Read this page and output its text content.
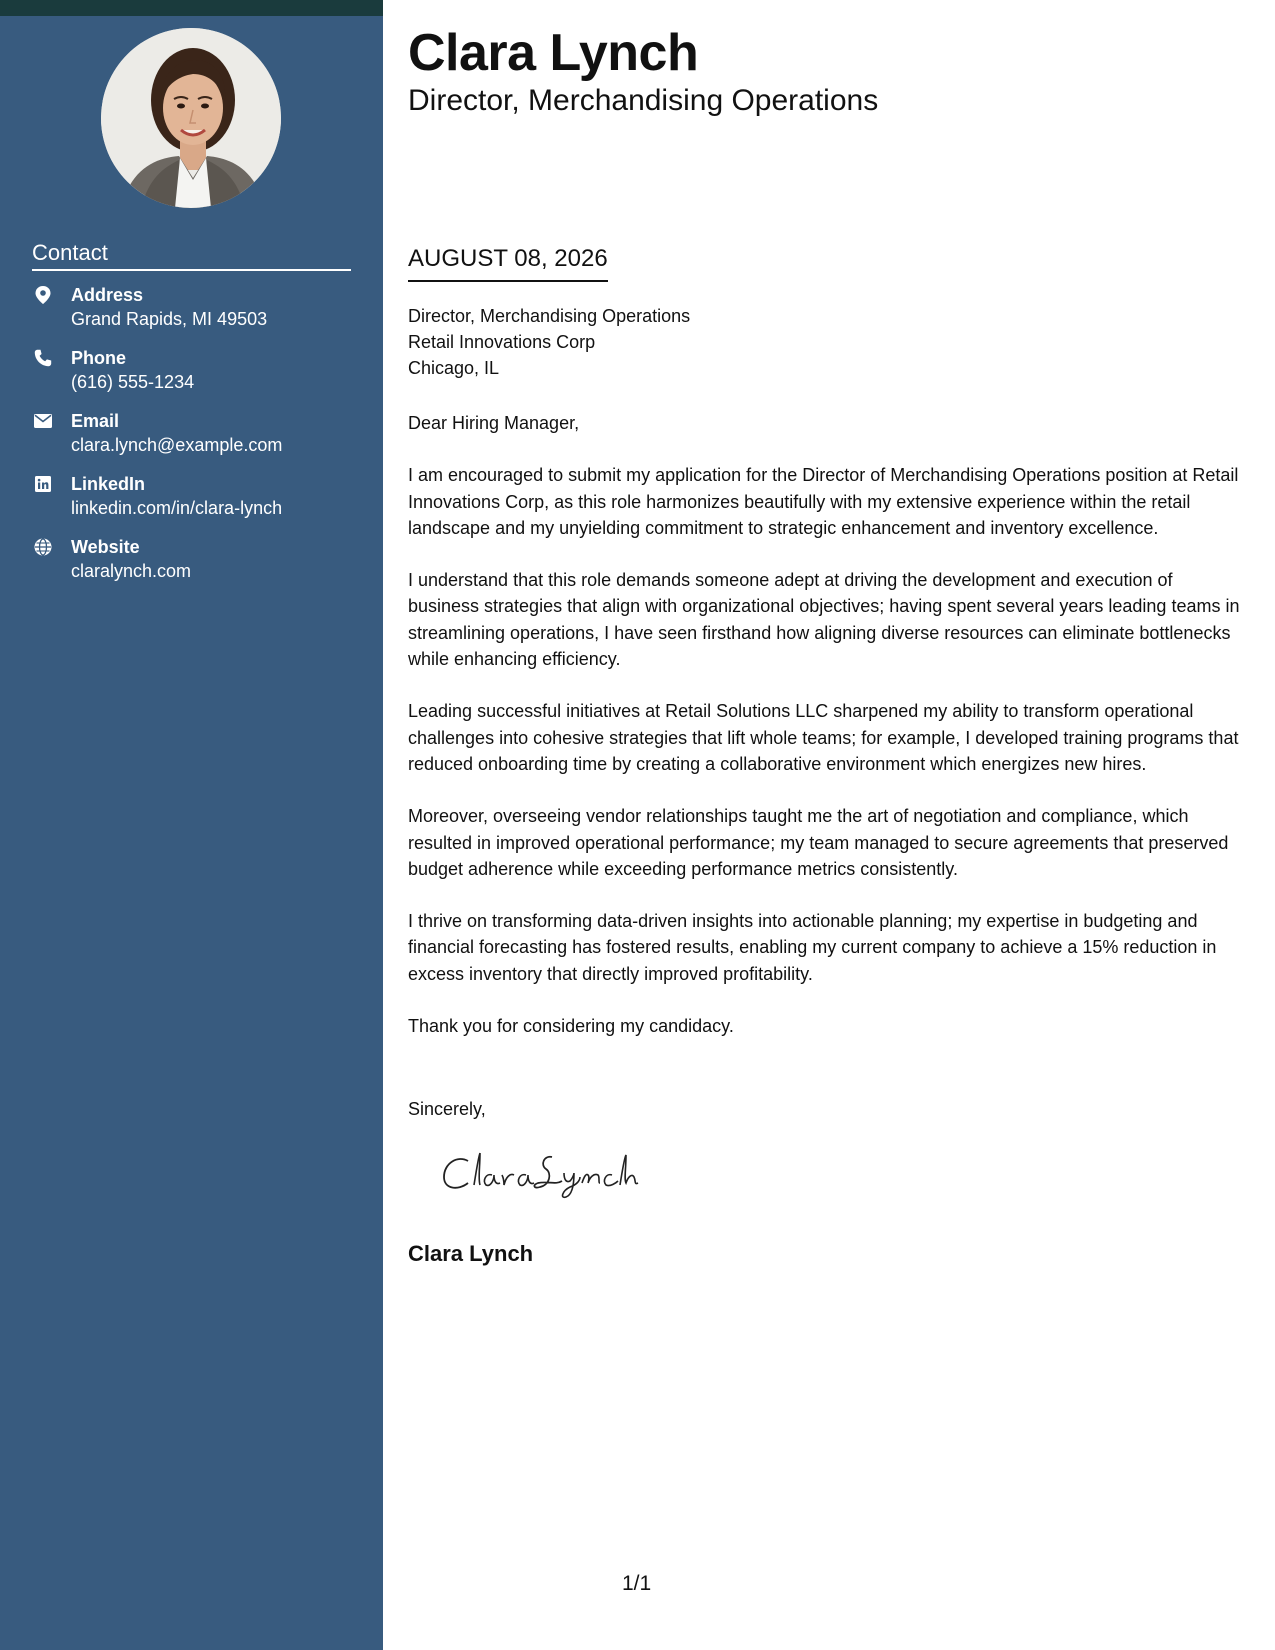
Contact
Address
Grand Rapids, MI 49503
Phone
(616) 555-1234
Email
clara.lynch@example.com
LinkedIn
linkedin.com/in/clara-lynch
Website
claralynch.com
Clara Lynch
Director, Merchandising Operations
AUGUST 08, 2026
Director, Merchandising Operations
Retail Innovations Corp
Chicago, IL

Dear Hiring Manager,

I am encouraged to submit my application for the Director of Merchandising Operations position at Retail Innovations Corp, as this role harmonizes beautifully with my extensive experience within the retail landscape and my unyielding commitment to strategic enhancement and inventory excellence.

I understand that this role demands someone adept at driving the development and execution of business strategies that align with organizational objectives; having spent several years leading teams in streamlining operations, I have seen firsthand how aligning diverse resources can eliminate bottlenecks while enhancing efficiency.

Leading successful initiatives at Retail Solutions LLC sharpened my ability to transform operational challenges into cohesive strategies that lift whole teams; for example, I developed training programs that reduced onboarding time by creating a collaborative environment which energizes new hires.

Moreover, overseeing vendor relationships taught me the art of negotiation and compliance, which resulted in improved operational performance; my team managed to secure agreements that preserved budget adherence while exceeding performance metrics consistently.

I thrive on transforming data-driven insights into actionable planning; my expertise in budgeting and financial forecasting has fostered results, enabling my current company to achieve a 15% reduction in excess inventory that directly improved profitability.

Thank you for considering my candidacy.

Sincerely,
Clara Lynch
1/1
